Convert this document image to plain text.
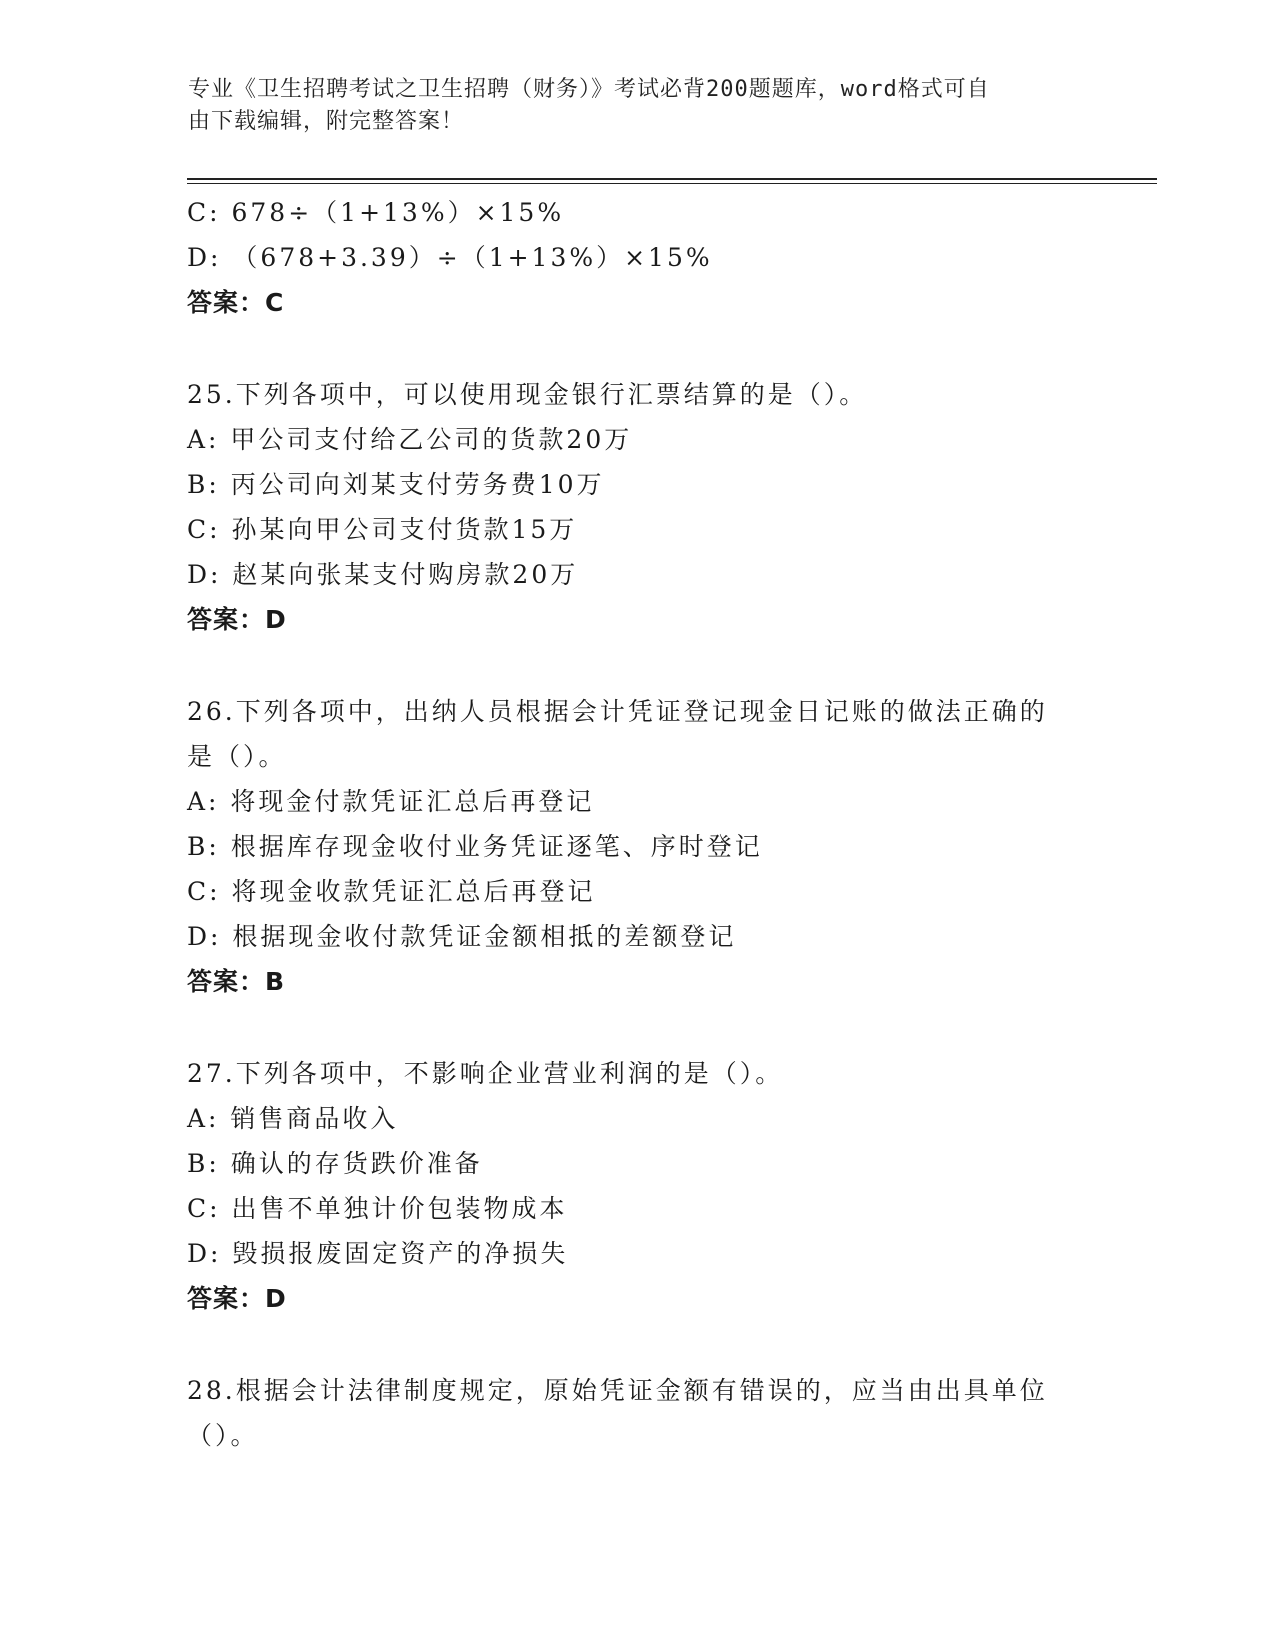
专业《卫生招聘考试之卫生招聘（财务）》考试必背200题题库，word格式可自
由下载编辑，附完整答案！
C: 678÷（1+13%）×15%
D: （678+3.39）÷（1+13%）×15%
答案：C
25.下列各项中，可以使用现金银行汇票结算的是（）。
A: 甲公司支付给乙公司的货款20万
B: 丙公司向刘某支付劳务费10万
C: 孙某向甲公司支付货款15万
D: 赵某向张某支付购房款20万
答案：D
26.下列各项中，出纳人员根据会计凭证登记现金日记账的做法正确的
是（）。
A: 将现金付款凭证汇总后再登记
B: 根据库存现金收付业务凭证逐笔、序时登记
C: 将现金收款凭证汇总后再登记
D: 根据现金收付款凭证金额相抵的差额登记
答案：B
27.下列各项中，不影响企业营业利润的是（）。
A: 销售商品收入
B: 确认的存货跌价准备
C: 出售不单独计价包装物成本
D: 毁损报废固定资产的净损失
答案：D
28.根据会计法律制度规定，原始凭证金额有错误的，应当由出具单位
（）。
